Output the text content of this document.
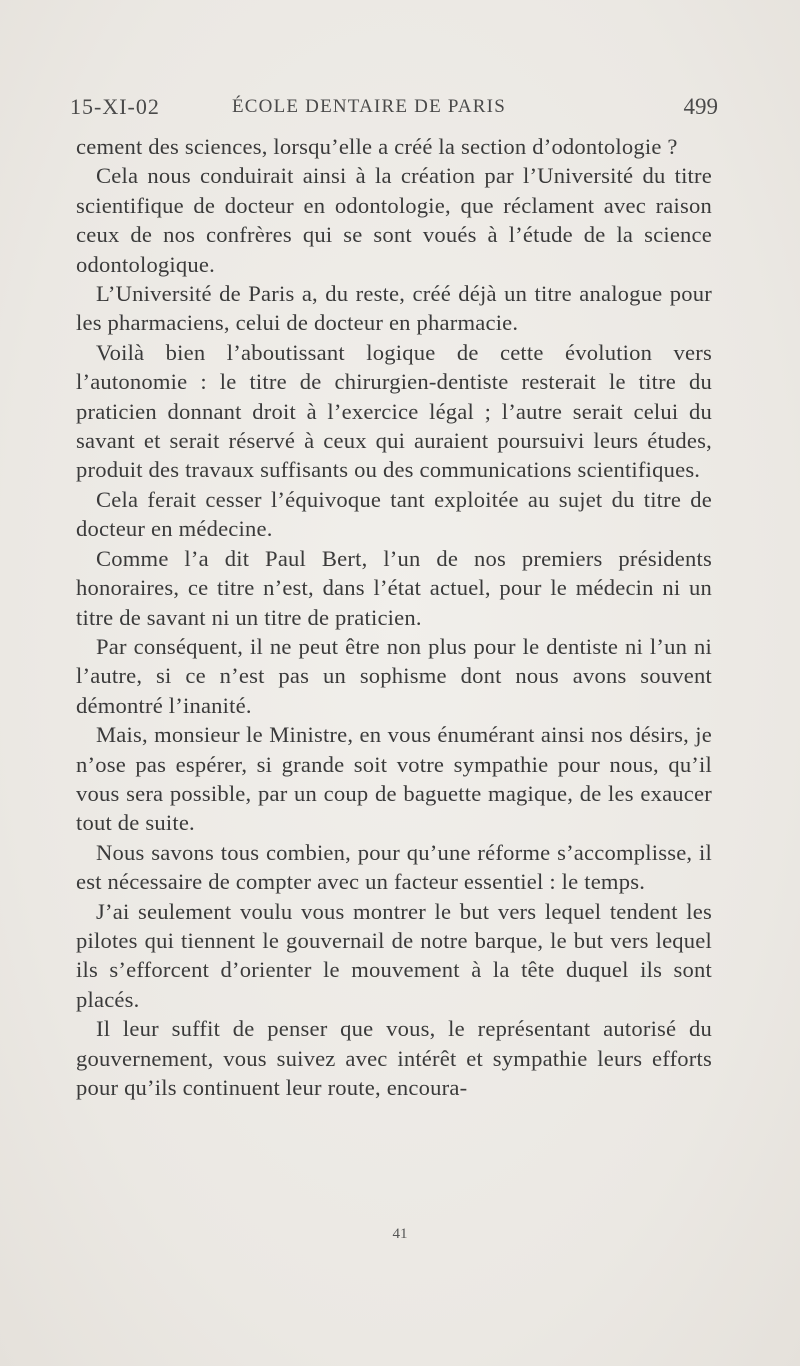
15-XI-02	ÉCOLE DENTAIRE DE PARIS	499

cement des sciences, lorsqu’elle a créé la section d’odontologie ?

Cela nous conduirait ainsi à la création par l’Université du titre scientifique de docteur en odontologie, que réclament avec raison ceux de nos confrères qui se sont voués à l’étude de la science odontologique.

L’Université de Paris a, du reste, créé déjà un titre analogue pour les pharmaciens, celui de docteur en pharmacie.

Voilà bien l’aboutissant logique de cette évolution vers l’autonomie : le titre de chirurgien-dentiste resterait le titre du praticien donnant droit à l’exercice légal ; l’autre serait celui du savant et serait réservé à ceux qui auraient poursuivi leurs études, produit des travaux suffisants ou des communications scientifiques.

Cela ferait cesser l’équivoque tant exploitée au sujet du titre de docteur en médecine.

Comme l’a dit Paul Bert, l’un de nos premiers présidents honoraires, ce titre n’est, dans l’état actuel, pour le médecin ni un titre de savant ni un titre de praticien.

Par conséquent, il ne peut être non plus pour le dentiste ni l’un ni l’autre, si ce n’est pas un sophisme dont nous avons souvent démontré l’inanité.

Mais, monsieur le Ministre, en vous énumérant ainsi nos désirs, je n’ose pas espérer, si grande soit votre sympathie pour nous, qu’il vous sera possible, par un coup de baguette magique, de les exaucer tout de suite.

Nous savons tous combien, pour qu’une réforme s’accomplisse, il est nécessaire de compter avec un facteur essentiel : le temps.

J’ai seulement voulu vous montrer le but vers lequel tendent les pilotes qui tiennent le gouvernail de notre barque, le but vers lequel ils s’efforcent d’orienter le mouvement à la tête duquel ils sont placés.

Il leur suffit de penser que vous, le représentant autorisé du gouvernement, vous suivez avec intérêt et sympathie leurs efforts pour qu’ils continuent leur route, encoura-

41
